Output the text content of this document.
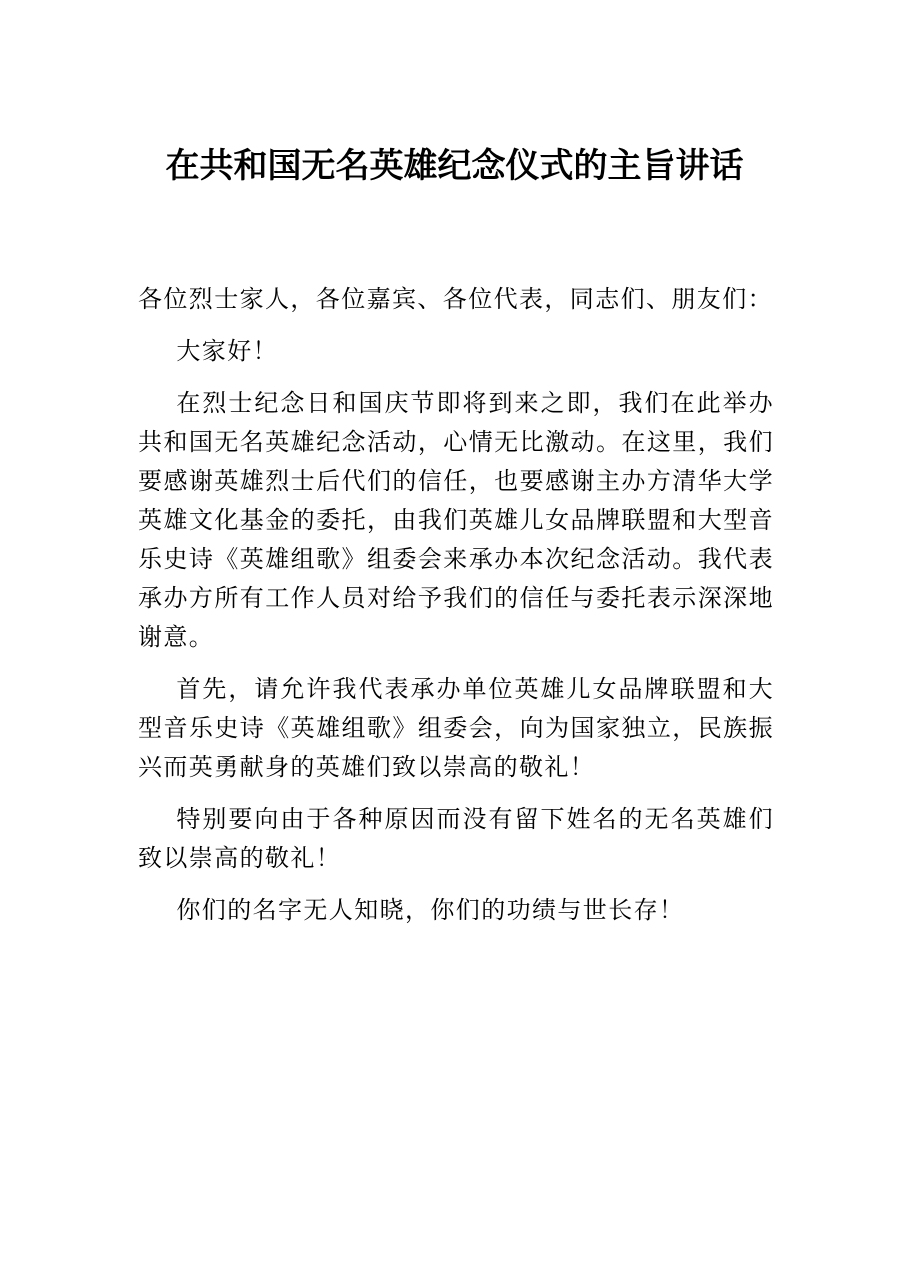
在共和国无名英雄纪念仪式的主旨讲话

各位烈士家人，各位嘉宾、各位代表，同志们、朋友们：

大家好！

在烈士纪念日和国庆节即将到来之即，我们在此举办共和国无名英雄纪念活动，心情无比激动。在这里，我们要感谢英雄烈士后代们的信任，也要感谢主办方清华大学英雄文化基金的委托，由我们英雄儿女品牌联盟和大型音乐史诗《英雄组歌》组委会来承办本次纪念活动。我代表承办方所有工作人员对给予我们的信任与委托表示深深地谢意。

首先，请允许我代表承办单位英雄儿女品牌联盟和大型音乐史诗《英雄组歌》组委会，向为国家独立，民族振兴而英勇献身的英雄们致以崇高的敬礼！

特别要向由于各种原因而没有留下姓名的无名英雄们致以崇高的敬礼！

你们的名字无人知晓，你们的功绩与世长存！
